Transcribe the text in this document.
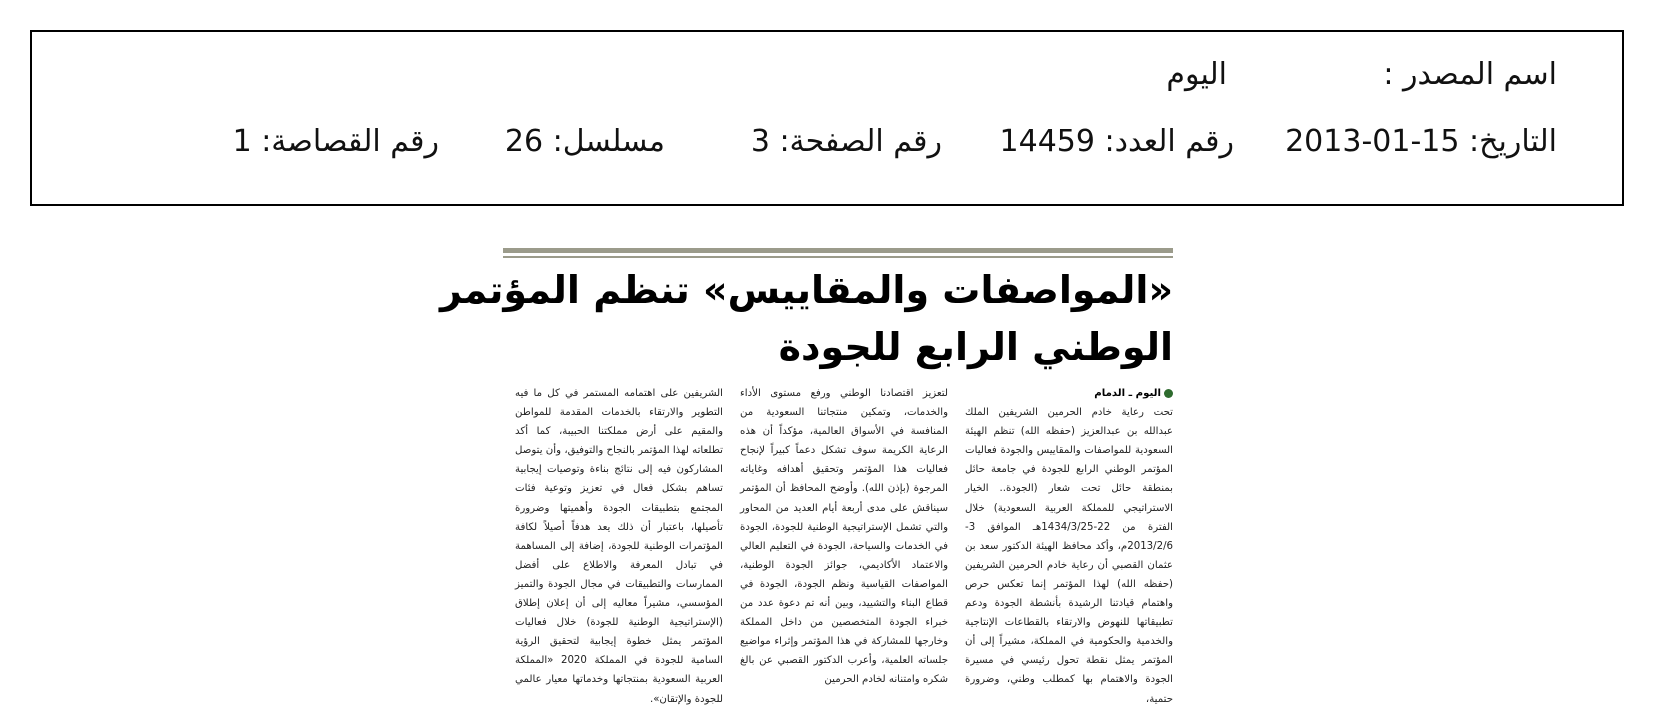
اسم المصدر :
اليوم
التاريخ: 15-01-2013
رقم العدد: 14459
رقم الصفحة: 3
مسلسل: 26
رقم القصاصة: 1
«المواصفات والمقاييس» تنظم المؤتمر
الوطني الرابع للجودة
اليوم ـ الدمام
تحت رعاية خادم الحرمين الشريفين الملك عبدالله بن عبدالعزيز (حفظه الله) تنظم الهيئة السعودية للمواصفات والمقاييس والجودة فعاليات المؤتمر الوطني الرابع للجودة في جامعة حائل بمنطقة حائل تحت شعار (الجودة.. الخيار الاستراتيجي للمملكة العربية السعودية) خلال الفترة من 22-1434/3/25هـ الموافق 3-2013/2/6م، وأكد محافظ الهيئة الدكتور سعد بن عثمان القصبي أن رعاية خادم الحرمين الشريفين (حفظه الله) لهذا المؤتمر إنما تعكس حرص واهتمام قيادتنا الرشيدة بأنشطة الجودة ودعم تطبيقاتها للنهوض والارتقاء بالقطاعات الإنتاجية والخدمية والحكومية في المملكة، مشيراً إلى أن المؤتمر يمثل نقطة تحول رئيسي في مسيرة الجودة والاهتمام بها كمطلب وطني، وضرورة حتمية،
لتعزيز اقتصادنا الوطني ورفع مستوى الأداء والخدمات، وتمكين منتجاتنا السعودية من المنافسة في الأسواق العالمية، مؤكداً أن هذه الرعاية الكريمة سوف تشكل دعماً كبيراً لإنجاح فعاليات هذا المؤتمر وتحقيق أهدافه وغاياته المرجوة (بإذن الله). وأوضح المحافظ أن المؤتمر سيناقش على مدى أربعة أيام العديد من المحاور والتي تشمل الإستراتيجية الوطنية للجودة، الجودة في الخدمات والسياحة، الجودة في التعليم العالي والاعتماد الأكاديمي، جوائز الجودة الوطنية، المواصفات القياسية ونظم الجودة، الجودة في قطاع البناء والتشييد، وبين أنه تم دعوة عدد من خبراء الجودة المتخصصين من داخل المملكة وخارجها للمشاركة في هذا المؤتمر وإثراء مواضيع جلساته العلمية، وأعرب الدكتور القصبي عن بالغ شكره وامتنانه لخادم الحرمين
الشريفين على اهتمامه المستمر في كل ما فيه التطوير والارتقاء بالخدمات المقدمة للمواطن والمقيم على أرض مملكتنا الحبيبة، كما أكد تطلعاته لهذا المؤتمر بالنجاح والتوفيق، وأن يتوصل المشاركون فيه إلى نتائج بناءة وتوصيات إيجابية تساهم بشكل فعال في تعزيز وتوعية فئات المجتمع بتطبيقات الجودة وأهميتها وضرورة تأصيلها، باعتبار أن ذلك يعد هدفاً أصيلاً لكافة المؤتمرات الوطنية للجودة، إضافة إلى المساهمة في تبادل المعرفة والاطلاع على أفضل الممارسات والتطبيقات في مجال الجودة والتميز المؤسسي، مشيراً معاليه إلى أن إعلان إطلاق (الإستراتيجية الوطنية للجودة) خلال فعاليات المؤتمر يمثل خطوة إيجابية لتحقيق الرؤية السامية للجودة في المملكة 2020 «المملكة العربية السعودية بمنتجاتها وخدماتها معيار عالمي للجودة والإتقان».
